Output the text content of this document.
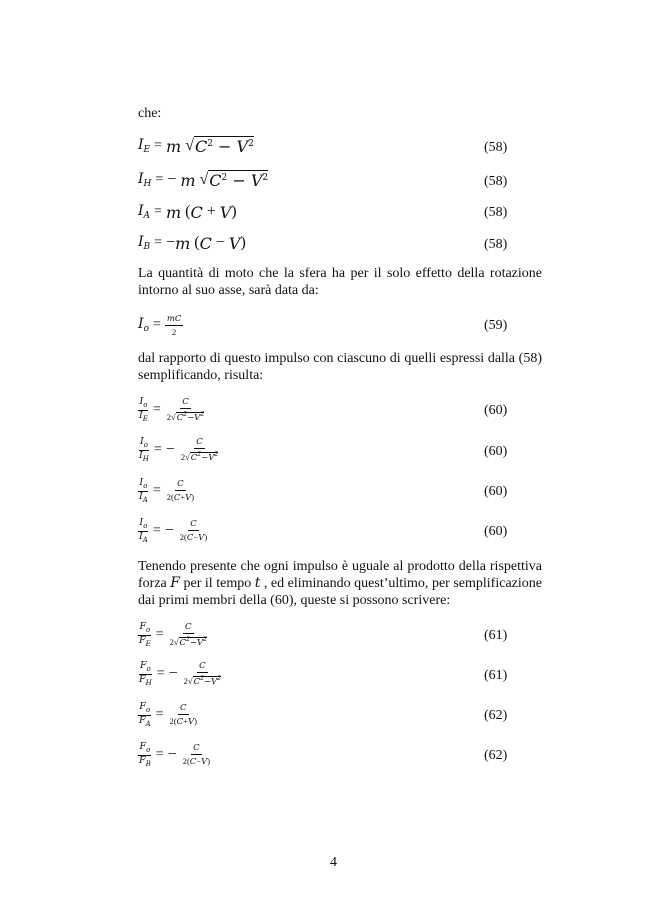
che:
$I_E = m$
√ $C^2 - V^2$	(58)
$I_H$ = −
m
√ $C^2 - V^2$	(58)
$I_A = m$
( C
+
V )	(58)
$I_B$ = − m
( C
−
V )	(58)
La quantità di moto che la sfera ha per il solo effetto della rotazione intorno al suo asse, sarà data da:
$I_o = \frac{mC}{2}$	(59)
dal rapporto di questo impulso con ciascuno di quelli espressi dalla (58) semplificando, risulta:
$\frac{I_o}{I_E} = \frac{C}{2√C^2-V^2}$	(60)
$\frac{I_o}{I_H}$ = −
$\frac{C}{2√C^2-V^2}$	(60)
$\frac{I_o}{I_A} = \frac{C}{2(C+V)}$	(60)
$\frac{I_o}{I_A}$ = −
$\frac{C}{2(C-V)}$	(60)
Tenendo presente che ogni impulso è uguale al prodotto della rispettiva forza F per il tempo t , ed eliminando quest’ultimo, per semplificazione dai primi membri della (60), queste si possono scrivere:
$\frac{F_o}{F_E} = \frac{C}{2√C^2-V^2}$	(61)
$\frac{F_o}{F_H}$ = −
$\frac{C}{2√C^2-V^2}$	(61)
$\frac{F_o}{F_A} = \frac{C}{2(C+V)}$	(62)
$\frac{F_o}{F_B}$ = −
$\frac{C}{2(C-V)}$	(62)
4
